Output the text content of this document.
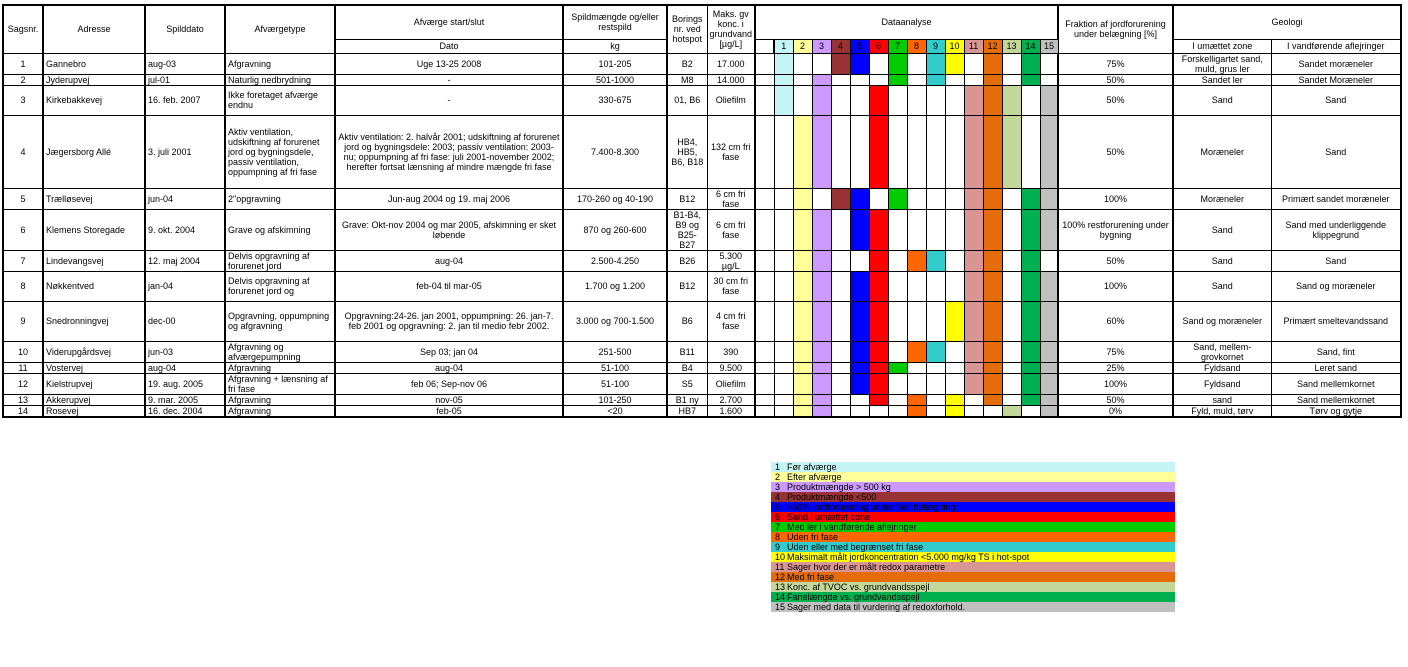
Sagsnr.	Adresse	Spilddato	Afværgetype	Afværge start/slut	Spildmængde og/eller restspild	Borings nr. ved hotspot	Maks. gv konc. i grundvand [µg/L]	Dataanalyse																Fraktion af jordforurening under belægning [%]	Geologi	
				Dato	kg				1	2	3	4	5	6	7	8	9	10	11	12	13	14	15		I umættet zone	I vandførende aflejringer
1	Gannebro	aug-03	Afgravning	Uge 13-25 2008	101-205	B2	17.000																	75%	Forskelligartet sand, muld, grus ler	Sandet moræneler
2	Jyderupvej	jul-01	Naturlig nedbrydning	-	501-1000	M8	14.000																	50%	Sandet ler	Sandet Moræneler
3	Kirkebakkevej	16. feb. 2007	Ikke foretaget afværge endnu	-	330-675	01, B6	Oliefilm																	50%	Sand	Sand
4	Jægersborg Allé	3. juli 2001	Aktiv ventilation, udskiftning af forurenet jord og bygningsdele, passiv ventilation, oppumpning af fri fase	Aktiv ventilation: 2. halvår 2001; udskiftning af forurenet jord og bygningsdele: 2003; passiv ventilation: 2003-nu; oppumpning af fri fase: juli 2001-november 2002; herefter fortsat lænsning af mindre mængde fri fase	7.400-8.300	HB4, HB5, B6, B18	132 cm fri fase																	50%	Moræneler	Sand
5	Trælløsevej	jun-04	2"opgravning	Jun-aug 2004 og 19. maj 2006	170-260 og 40-190	B12	6 cm fri fase																	100%	Moræneler	Primært sandet moræneler
6	Klemens Storegade	9. okt. 2004	Grave og afskimning	Grave: Okt-nov 2004 og mar 2005, afskimning er sket løbende	870 og 260-600	B1-B4, B9 og B25-B27	6 cm fri fase																	100% restforurening under bygning	Sand	Sand med underliggende klippegrund
7	Lindevangsvej	12. maj 2004	Delvis opgravning af forurenet jord	aug-04	2.500-4.250	B26	5.300 µg/L																	50%	Sand	Sand
8	Nøkkentved	jan-04	Delvis opgravning af forurenet jord og	feb-04 til mar-05	1.700 og 1.200	B12	30 cm fri fase																	100%	Sand	Sand og moræneler
9	Snedronningvej	dec-00	Opgravning, oppumpning og afgravning	Opgravning:24-26. jan 2001, oppumpning: 26. jan-7. feb 2001 og opgravning: 2. jan til medio febr 2002.	3.000 og 700-1.500	B6	4 cm fri fase																	60%	Sand og moræneler	Primært smeltevandssand
10	Viderupgårdsvej	jun-03	Afgravning og afværgepumpning	Sep 03; jan 04	251-500	B11	390																	75%	Sand, mellem-grovkornet	Sand, fint
11	Vostervej	aug-04	Afgravning	aug-04	51-100	B4	9.500																	25%	Fyldsand	Leret sand
12	Kielstrupvej	19. aug. 2005	Afgravning + lænsning af fri fase	feb 06; Sep-nov 06	51-100	S5	Oliefilm																	100%	Fyldsand	Sand mellemkornet
13	Akkerupvej	9. mar. 2005	Afgravning	nov-05	101-250	B1 ny	2.700																	50%	sand	Sand mellemkornet
14	Rosevej	16. dec. 2004	Afgravning	feb-05	<20	HB7	1.600																	0%	Fyld, muld, tørv	Tørv og gytje
1 Før afværge
2 Efter afværge
3 Produktmængde > 500 kg
4 Produktmængde <500
5 >50% jordforurening under fast belægning
6 Sand i umættet zone
7 Med ler i vandførende aflejringer
8 Uden fri fase
9 Uden eller med begrænset fri fase
10 Maksimalt målt jordkoncentration <5.000 mg/kg TS i hot-spot
11 Sager hvor der er målt redox parametre
12 Med fri fase
13 Konc. af TVOC vs. grundvandsspejl
14 Fanelængde vs. grundvandsspejl
15 Sager med data til vurdering af redoxforhold.
